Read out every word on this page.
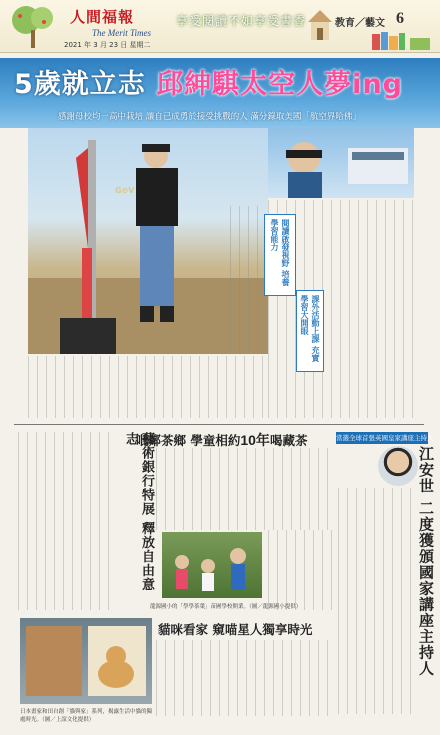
人間福報
The Merit Times
2021 年 3 月 23 日 星期二
享受閱讀不如享受書香	教育／藝文 6
5歲就立志 邱紳騏太空人夢ing
感謝母校均一高中栽培 讓自己成勇於接受挑戰的人 滿分錄取美國「航空界哈佛」
G⊙V
閱讀啟發視野 培養學習能力
課外活動上課 充實學習大開眼
藝術銀行特展 釋放自由意志
吡鄰茶鄉 學童相約10年喝藏茶
龍源國小的「學學茶葉」苗圃學校開業。（圖／龍源國小提供）
日本畫家和田自創「貓與家」系列，揭露生活中貓的獨處時光。（圖／上誼文化提供）
貓咪看家 窺喵星人獨享時光
當選全球首張英國皇家講座主持人
江安世 二度獲頒國家講座主持人
